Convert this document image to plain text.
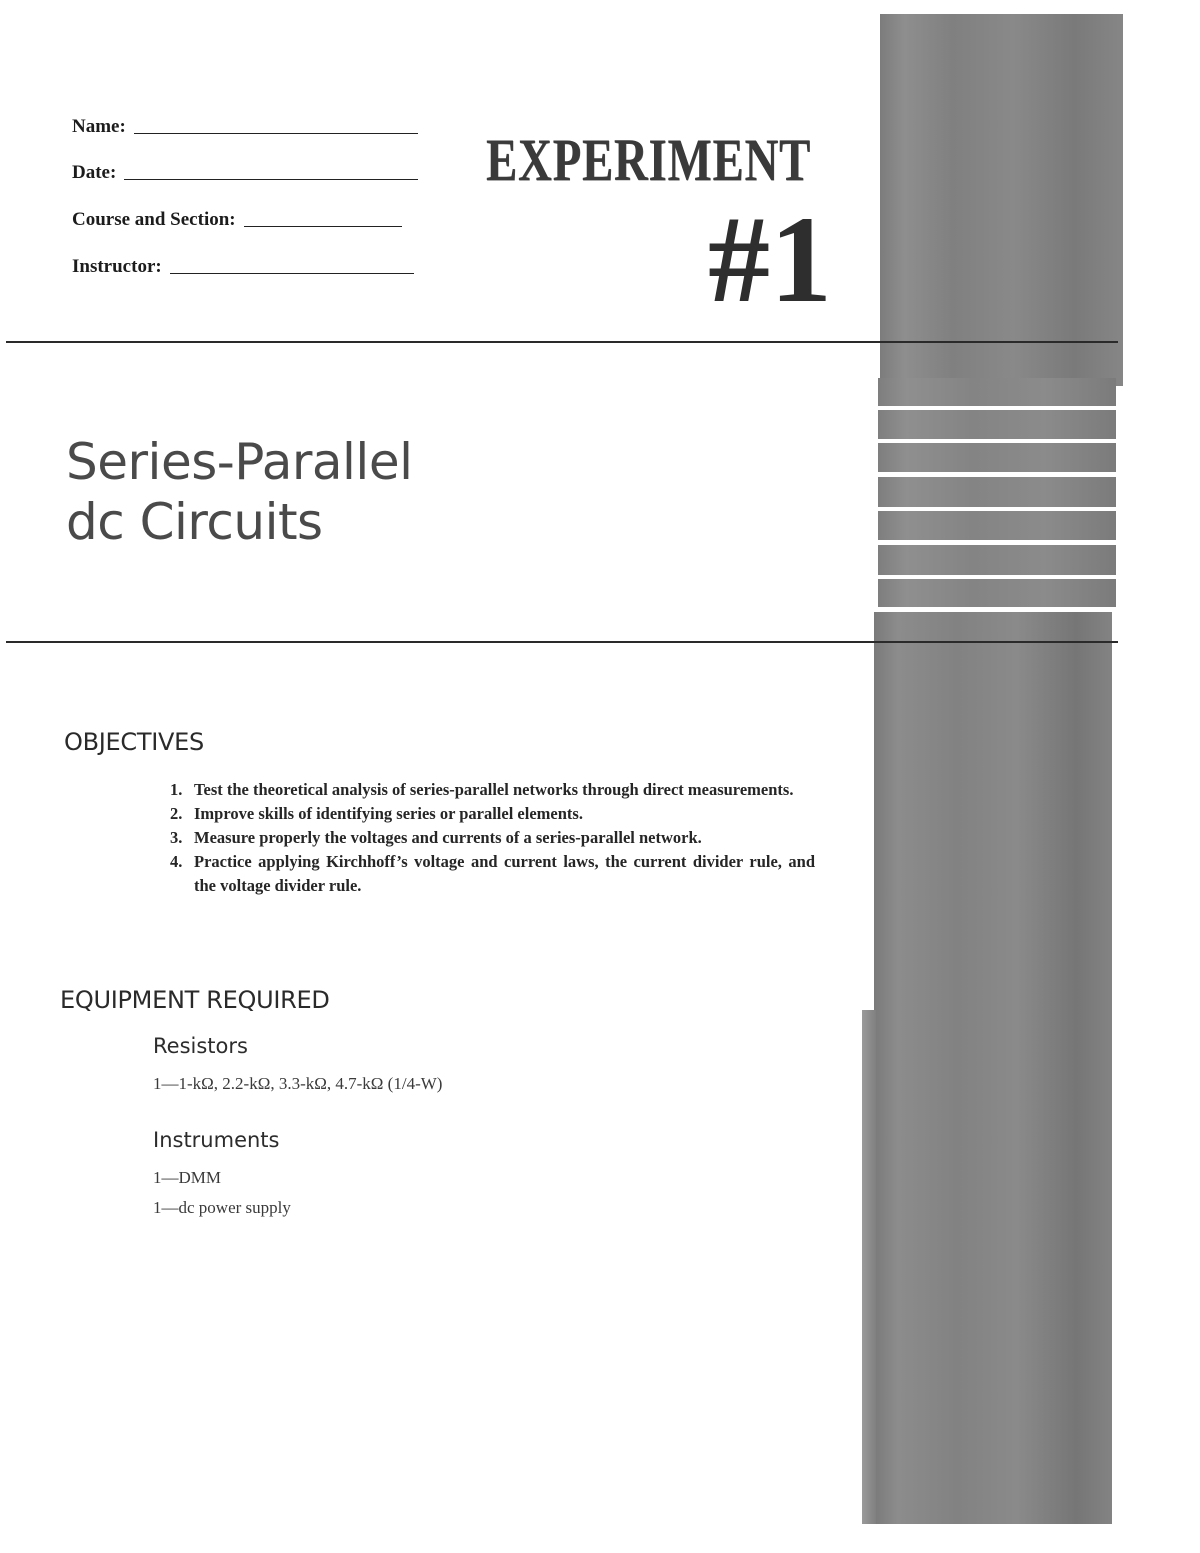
Name:
Date:
Course and Section:
Instructor:
EXPERIMENT
#1
Series-Parallel
dc Circuits
OBJECTIVES
1. Test the theoretical analysis of series-parallel networks through direct measurements.
2. Improve skills of identifying series or parallel elements.
3. Measure properly the voltages and currents of a series-parallel network.
4. Practice applying Kirchhoff’s voltage and current laws, the current divider rule, and the voltage divider rule.
EQUIPMENT REQUIRED
Resistors
1—1-kΩ, 2.2-kΩ, 3.3-kΩ, 4.7-kΩ (1/4-W)
Instruments
1—DMM
1—dc power supply
